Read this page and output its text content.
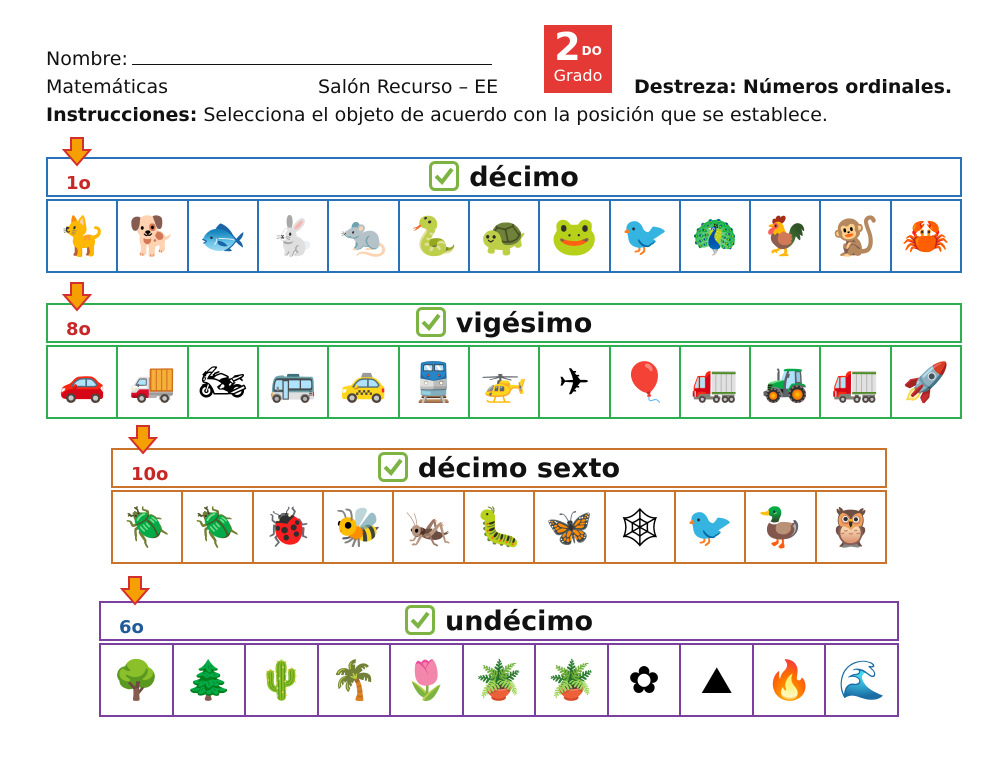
Nombre:
Matemáticas	Salón Recurso – EE	Destreza: Números ordinales.
Instrucciones: Selecciona el objeto de acuerdo con la posición que se establece.
$2^{DO}$
Grado
décimo
1o
🐈 🐕 🐟 🐇 🐀 🐍 🐢 🐸 🐦 🦚 🐓 🐒 🦀
vigésimo
8o
🚗 🚚 🏍 🚌 🚕 🚆 🚁 ✈ 🎈 🚛 🚜 🚛 🚀
décimo sexto
10o
🪲 🪲 🐞 🐝 🦗 🐛 🦋 🕸 🐦 🦆 🦉
undécimo
6o
🌳 🌲 🌵 🌴 🌷 🪴 🪴 ✿	⛰ 🔥 🌊
